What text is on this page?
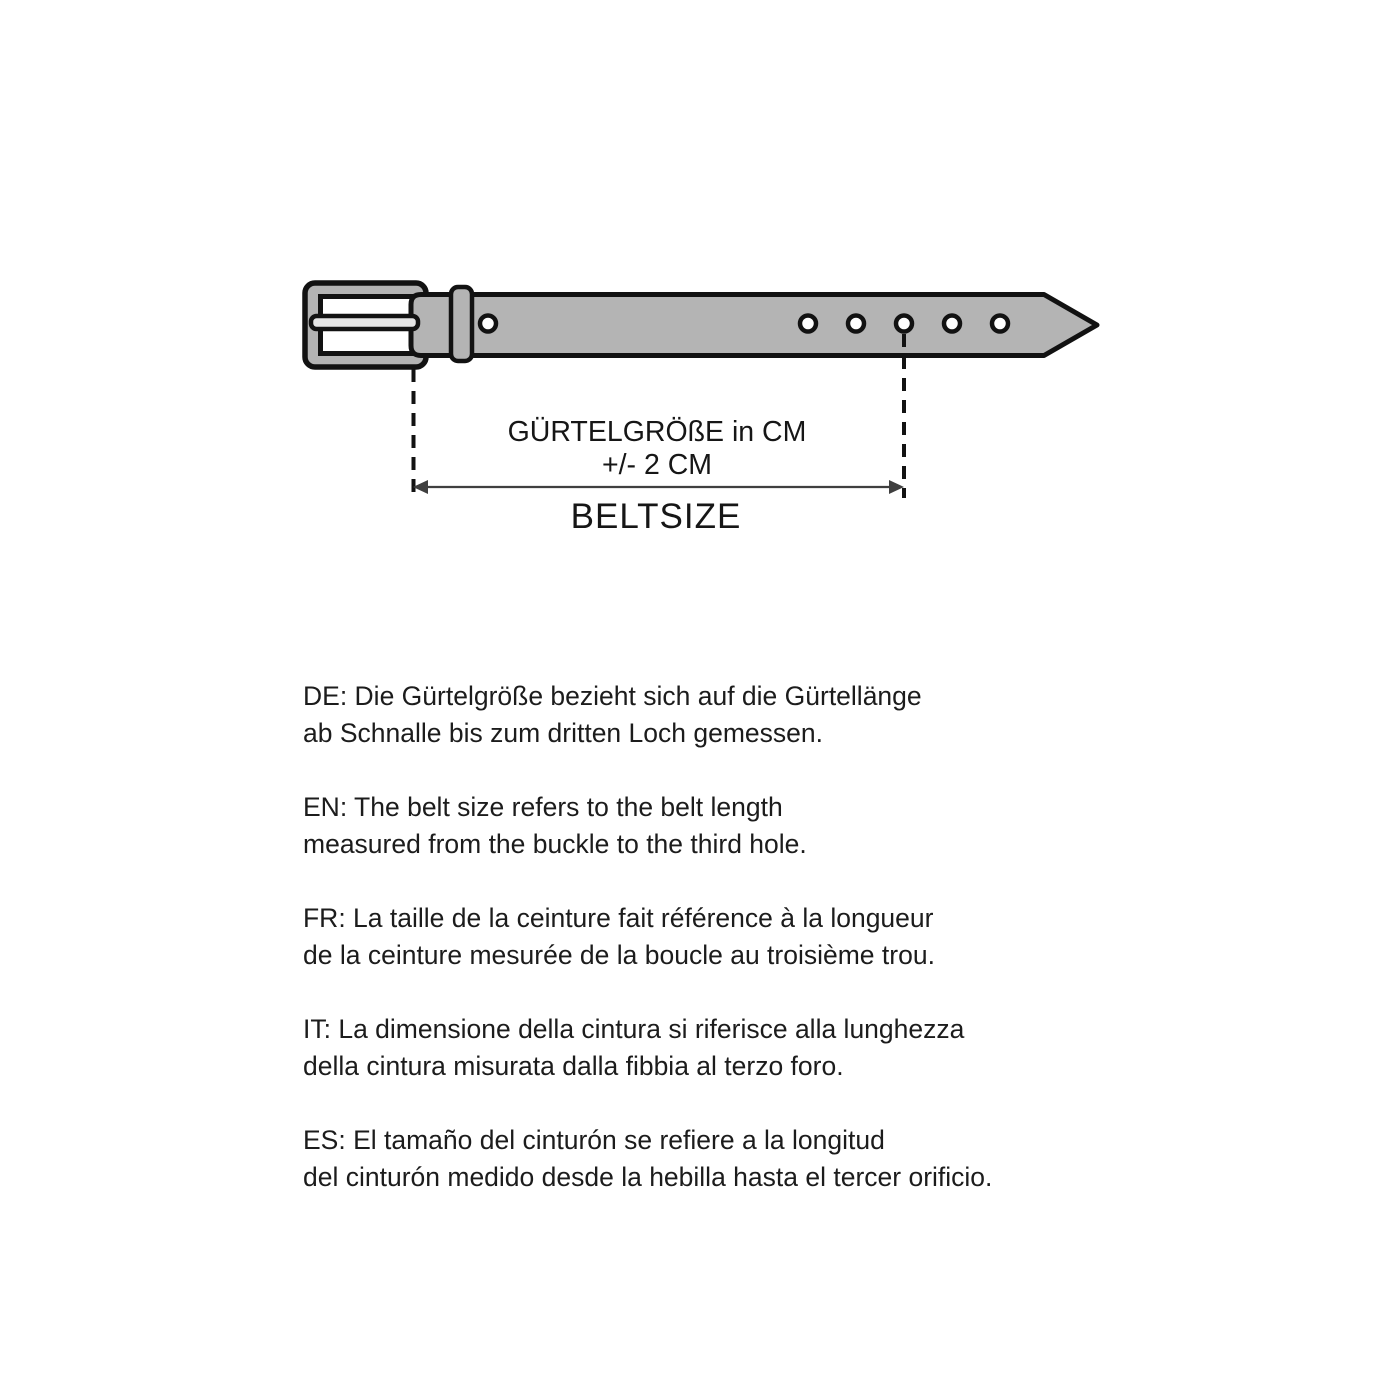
GÜRTELGRÖßE in CM
+/- 2 CM
BELTSIZE
DE: Die Gürtelgröße bezieht sich auf die Gürtellänge
ab Schnalle bis zum dritten Loch gemessen.
EN: The belt size refers to the belt length
measured from the buckle to the third hole.
FR: La taille de la ceinture fait référence à la longueur
de la ceinture mesurée de la boucle au troisième trou.
IT: La dimensione della cintura si riferisce alla lunghezza
della cintura misurata dalla fibbia al terzo foro.
ES: El tamaño del cinturón se refiere a la longitud
del cinturón medido desde la hebilla hasta el tercer orificio.
